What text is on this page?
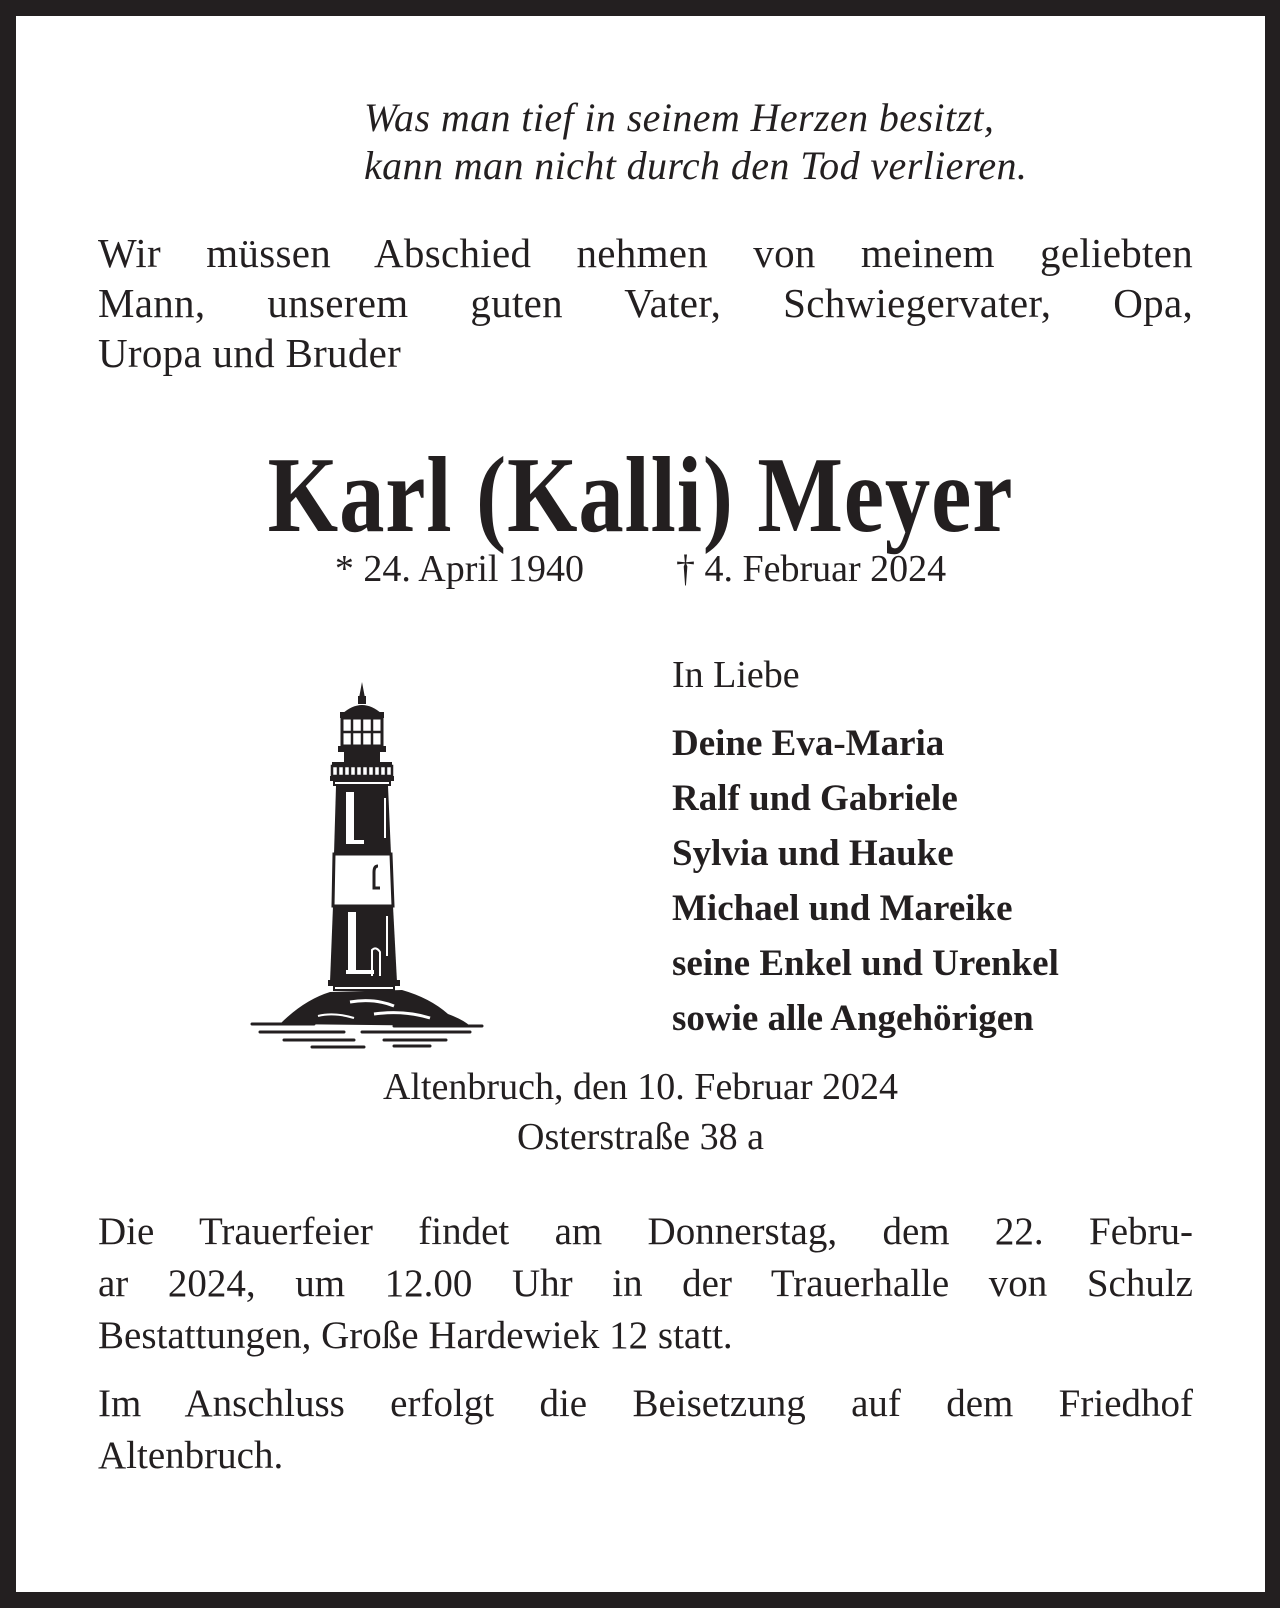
Was man tief in seinem Herzen besitzt,
kann man nicht durch den Tod verlieren.

Wir müssen Abschied nehmen von meinem geliebten
Mann, unserem guten Vater, Schwiegervater, Opa,
Uropa und Bruder

Karl (Kalli) Meyer

* 24. April 1940 † 4. Februar 2024

In Liebe

Deine Eva-Maria
Ralf und Gabriele
Sylvia und Hauke
Michael und Mareike
seine Enkel und Urenkel
sowie alle Angehörigen

Altenbruch, den 10. Februar 2024
Osterstraße 38 a

Die Trauerfeier findet am Donnerstag, dem 22. Febru-
ar 2024, um 12.00 Uhr in der Trauerhalle von Schulz
Bestattungen, Große Hardewiek 12 statt.

Im Anschluss erfolgt die Beisetzung auf dem Friedhof
Altenbruch.
